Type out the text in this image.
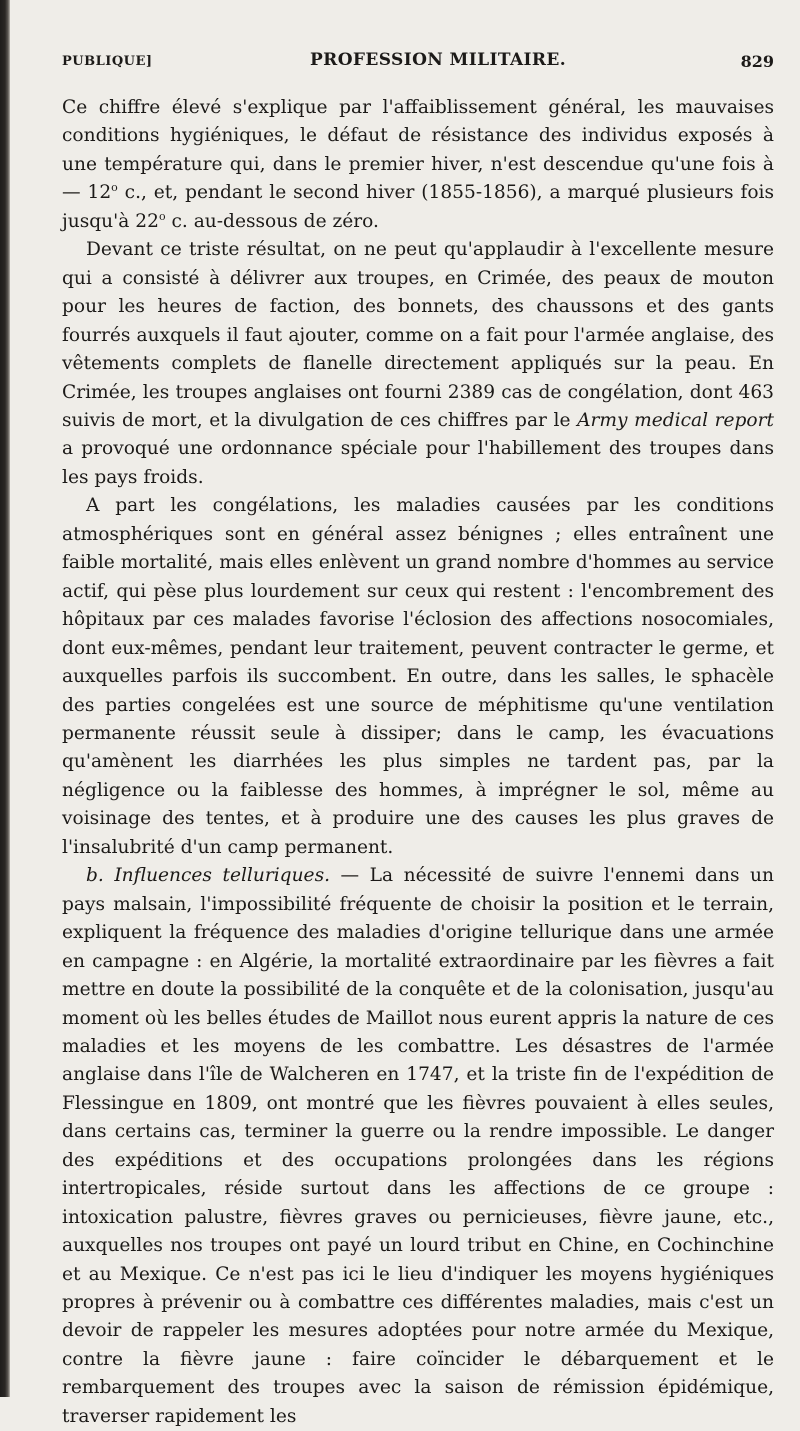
PUBLIQUE]	PROFESSION MILITAIRE.	829

Ce chiffre élevé s'explique par l'affaiblissement général, les mauvaises conditions hygiéniques, le défaut de résistance des individus exposés à une température qui, dans le premier hiver, n'est descendue qu'une fois à — 12$^o$ c., et, pendant le second hiver (1855-1856), a marqué plusieurs fois jusqu'à 22$^o$ c. au-dessous de zéro.

Devant ce triste résultat, on ne peut qu'applaudir à l'excellente mesure qui a consisté à délivrer aux troupes, en Crimée, des peaux de mouton pour les heures de faction, des bonnets, des chaussons et des gants fourrés auxquels il faut ajouter, comme on a fait pour l'armée anglaise, des vêtements complets de flanelle directement appliqués sur la peau. En Crimée, les troupes anglaises ont fourni 2389 cas de congélation, dont 463 suivis de mort, et la divulgation de ces chiffres par le Army medical report a provoqué une ordonnance spéciale pour l'habillement des troupes dans les pays froids.

A part les congélations, les maladies causées par les conditions atmosphériques sont en général assez bénignes ; elles entraînent une faible mortalité, mais elles enlèvent un grand nombre d'hommes au service actif, qui pèse plus lourdement sur ceux qui restent : l'encombrement des hôpitaux par ces malades favorise l'éclosion des affections nosocomiales, dont eux-mêmes, pendant leur traitement, peuvent contracter le germe, et auxquelles parfois ils succombent. En outre, dans les salles, le sphacèle des parties congelées est une source de méphitisme qu'une ventilation permanente réussit seule à dissiper; dans le camp, les évacuations qu'amènent les diarrhées les plus simples ne tardent pas, par la négligence ou la faiblesse des hommes, à imprégner le sol, même au voisinage des tentes, et à produire une des causes les plus graves de l'insalubrité d'un camp permanent.

b. Influences telluriques. — La nécessité de suivre l'ennemi dans un pays malsain, l'impossibilité fréquente de choisir la position et le terrain, expliquent la fréquence des maladies d'origine tellurique dans une armée en campagne : en Algérie, la mortalité extraordinaire par les fièvres a fait mettre en doute la possibilité de la conquête et de la colonisation, jusqu'au moment où les belles études de Maillot nous eurent appris la nature de ces maladies et les moyens de les combattre. Les désastres de l'armée anglaise dans l'île de Walcheren en 1747, et la triste fin de l'expédition de Flessingue en 1809, ont montré que les fièvres pouvaient à elles seules, dans certains cas, terminer la guerre ou la rendre impossible. Le danger des expéditions et des occupations prolongées dans les régions intertropicales, réside surtout dans les affections de ce groupe : intoxication palustre, fièvres graves ou pernicieuses, fièvre jaune, etc., auxquelles nos troupes ont payé un lourd tribut en Chine, en Cochinchine et au Mexique. Ce n'est pas ici le lieu d'indiquer les moyens hygiéniques propres à prévenir ou à combattre ces différentes maladies, mais c'est un devoir de rappeler les mesures adoptées pour notre armée du Mexique, contre la fièvre jaune : faire coïncider le débarquement et le rembarquement des troupes avec la saison de rémission épidémique, traverser rapidement les
